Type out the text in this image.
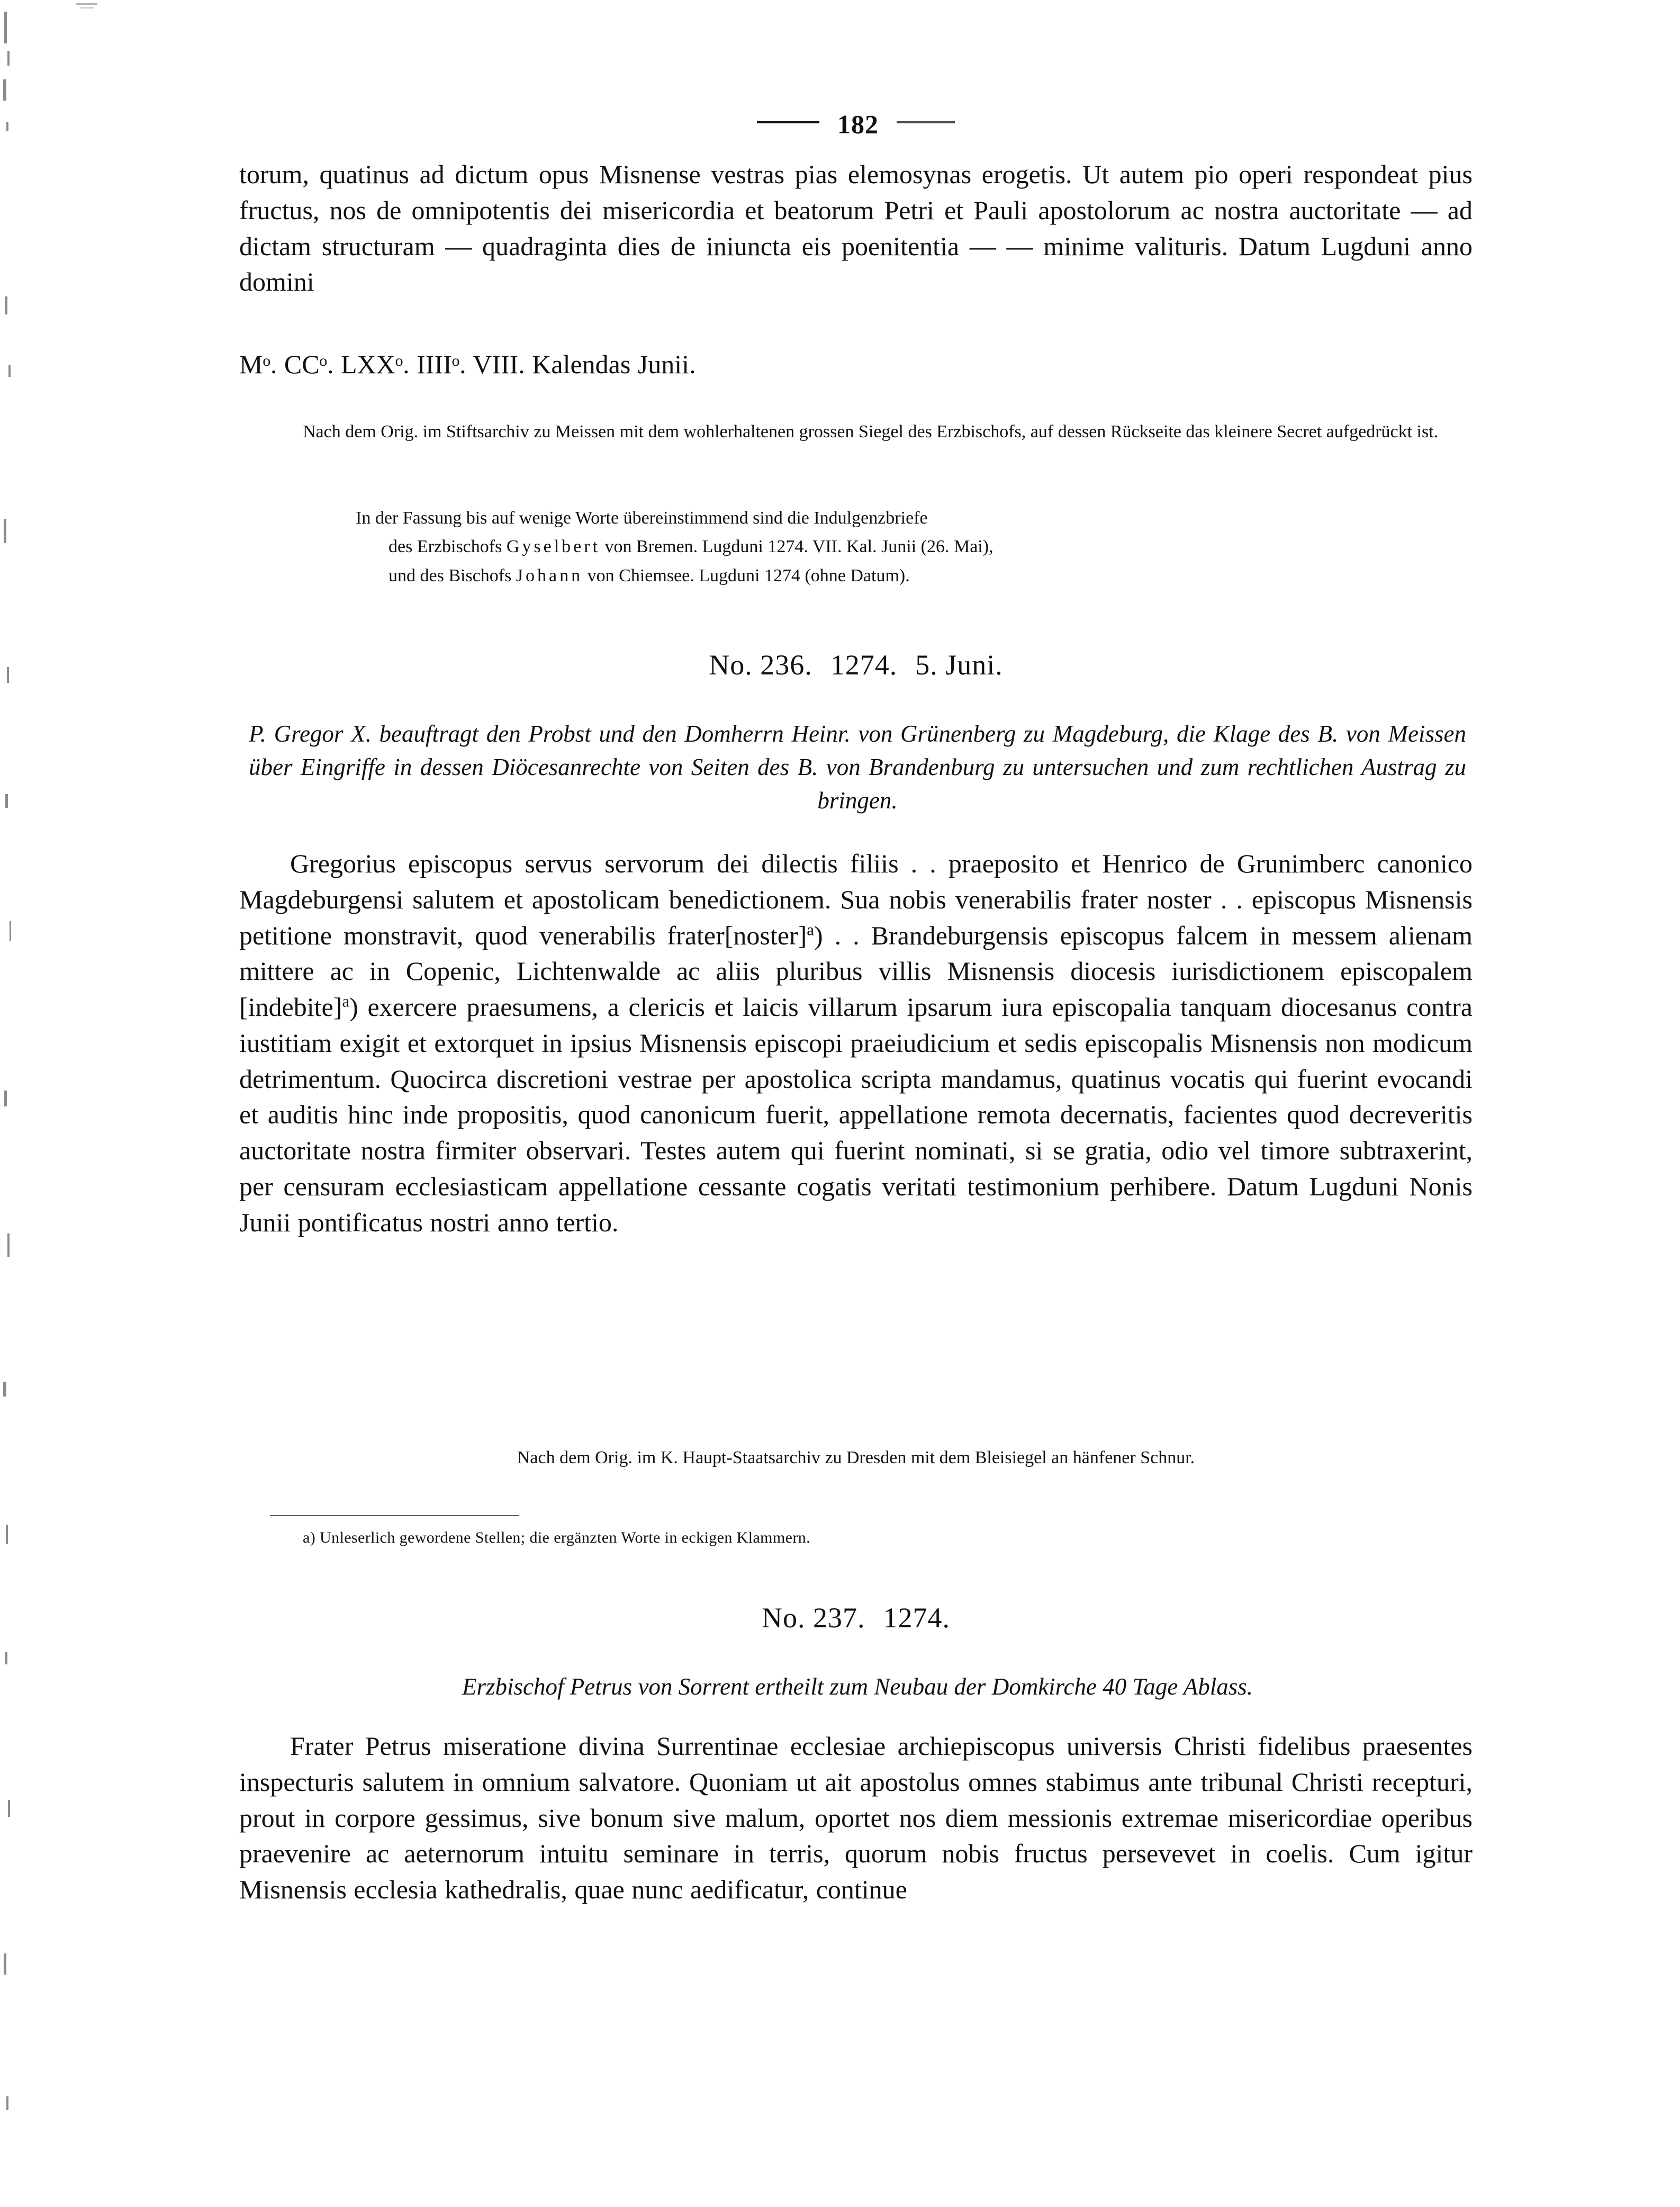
182
torum, quatinus ad dictum opus Misnense vestras pias elemosynas erogetis. Ut autem pio operi respondeat pius fructus, nos de omnipotentis dei misericordia et beatorum Petri et Pauli apostolorum ac nostra auctoritate — ad dictam structuram — quadraginta dies de iniuncta eis poenitentia — — minime valituris. Datum Lugduni anno domini
Mᵒ. CCᵒ. LXXᵒ. IIIIᵒ. VIII. Kalendas Junii.
Nach dem Orig. im Stiftsarchiv zu Meissen mit dem wohlerhaltenen grossen Siegel des Erzbischofs, auf dessen Rückseite das kleinere Secret aufgedrückt ist.
In der Fassung bis auf wenige Worte übereinstimmend sind die Indulgenzbriefe
des Erzbischofs Gyselbert von Bremen. Lugduni 1274. VII. Kal. Junii (26. Mai),
und des Bischofs Johann von Chiemsee. Lugduni 1274 (ohne Datum).
No. 236. 1274. 5. Juni.
P. Gregor X. beauftragt den Probst und den Domherrn Heinr. von Grünenberg zu Magdeburg, die Klage des B. von Meissen über Eingriffe in dessen Diöcesanrechte von Seiten des B. von Brandenburg zu untersuchen und zum rechtlichen Austrag zu bringen.
Gregorius episcopus servus servorum dei dilectis filiis . . praeposito et Henrico de Grunimberc canonico Magdeburgensi salutem et apostolicam benedictionem. Sua nobis venerabilis frater noster . . episcopus Misnensis petitione monstravit, quod venerabilis frater[noster]$^a$) . . Brandeburgensis episcopus falcem in messem alienam mittere ac in Copenic, Lichtenwalde ac aliis pluribus villis Misnensis diocesis iurisdictionem episcopalem [indebite]$^a$) exercere praesumens, a clericis et laicis villarum ipsarum iura episcopalia tanquam diocesanus contra iustitiam exigit et extorquet in ipsius Misnensis episcopi praeiudicium et sedis episcopalis Misnensis non modicum detrimentum. Quocirca discretioni vestrae per apostolica scripta mandamus, quatinus vocatis qui fuerint evocandi et auditis hinc inde propositis, quod canonicum fuerit, appellatione remota decernatis, facientes quod decreveritis auctoritate nostra firmiter observari. Testes autem qui fuerint nominati, si se gratia, odio vel timore subtraxerint, per censuram ecclesiasticam appellatione cessante cogatis veritati testimonium perhibere. Datum Lugduni Nonis Junii pontificatus nostri anno tertio.
Nach dem Orig. im K. Haupt-Staatsarchiv zu Dresden mit dem Bleisiegel an hänfener Schnur.
a) Unleserlich gewordene Stellen; die ergänzten Worte in eckigen Klammern.
No. 237. 1274.
Erzbischof Petrus von Sorrent ertheilt zum Neubau der Domkirche 40 Tage Ablass.
Frater Petrus miseratione divina Surrentinae ecclesiae archiepiscopus universis Christi fidelibus praesentes inspecturis salutem in omnium salvatore. Quoniam ut ait apostolus omnes stabimus ante tribunal Christi recepturi, prout in corpore gessimus, sive bonum sive malum, oportet nos diem messionis extremae misericordiae operibus praevenire ac aeternorum intuitu seminare in terris, quorum nobis fructus persevevet in coelis. Cum igitur Misnensis ecclesia kathedralis, quae nunc aedificatur, continue
